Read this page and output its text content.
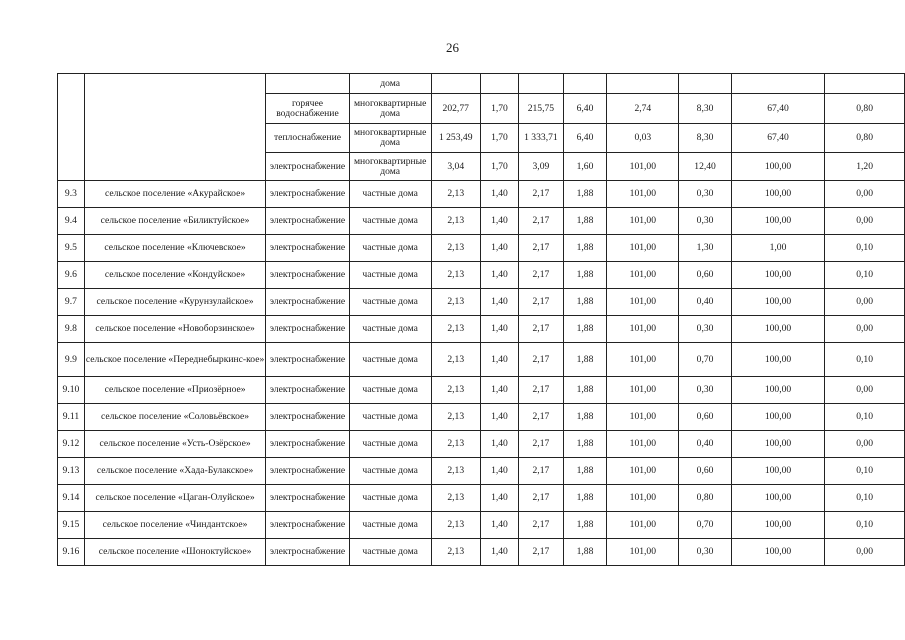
26
			дома								
		горячее водоснабжение	многоквартирные дома	202,77	1,70	215,75	6,40	2,74	8,30	67,40	0,80
		теплоснабжение	многоквартирные дома	1 253,49	1,70	1 333,71	6,40	0,03	8,30	67,40	0,80
		электроснабжение	многоквартирные дома	3,04	1,70	3,09	1,60	101,00	12,40	100,00	1,20
9.3	сельское поселение «Акурайское»	электроснабжение	частные дома	2,13	1,40	2,17	1,88	101,00	0,30	100,00	0,00
9.4	сельское поселение «Биликтуйское»	электроснабжение	частные дома	2,13	1,40	2,17	1,88	101,00	0,30	100,00	0,00
9.5	сельское поселение «Ключевское»	электроснабжение	частные дома	2,13	1,40	2,17	1,88	101,00	1,30	1,00	0,10
9.6	сельское поселение «Кондуйское»	электроснабжение	частные дома	2,13	1,40	2,17	1,88	101,00	0,60	100,00	0,10
9.7	сельское поселение «Курунзулайское»	электроснабжение	частные дома	2,13	1,40	2,17	1,88	101,00	0,40	100,00	0,00
9.8	сельское поселение «Новоборзинское»	электроснабжение	частные дома	2,13	1,40	2,17	1,88	101,00	0,30	100,00	0,00
9.9	сельское поселение «Переднебыркинс-кое»	электроснабжение	частные дома	2,13	1,40	2,17	1,88	101,00	0,70	100,00	0,10
9.10	сельское поселение «Приозёрное»	электроснабжение	частные дома	2,13	1,40	2,17	1,88	101,00	0,30	100,00	0,00
9.11	сельское поселение «Соловьёвское»	электроснабжение	частные дома	2,13	1,40	2,17	1,88	101,00	0,60	100,00	0,10
9.12	сельское поселение «Усть-Озёрское»	электроснабжение	частные дома	2,13	1,40	2,17	1,88	101,00	0,40	100,00	0,00
9.13	сельское поселение «Хада-Булакское»	электроснабжение	частные дома	2,13	1,40	2,17	1,88	101,00	0,60	100,00	0,10
9.14	сельское поселение «Цаган-Олуйское»	электроснабжение	частные дома	2,13	1,40	2,17	1,88	101,00	0,80	100,00	0,10
9.15	сельское поселение «Чиндантское»	электроснабжение	частные дома	2,13	1,40	2,17	1,88	101,00	0,70	100,00	0,10
9.16	сельское поселение «Шоноктуйское»	электроснабжение	частные дома	2,13	1,40	2,17	1,88	101,00	0,30	100,00	0,00
